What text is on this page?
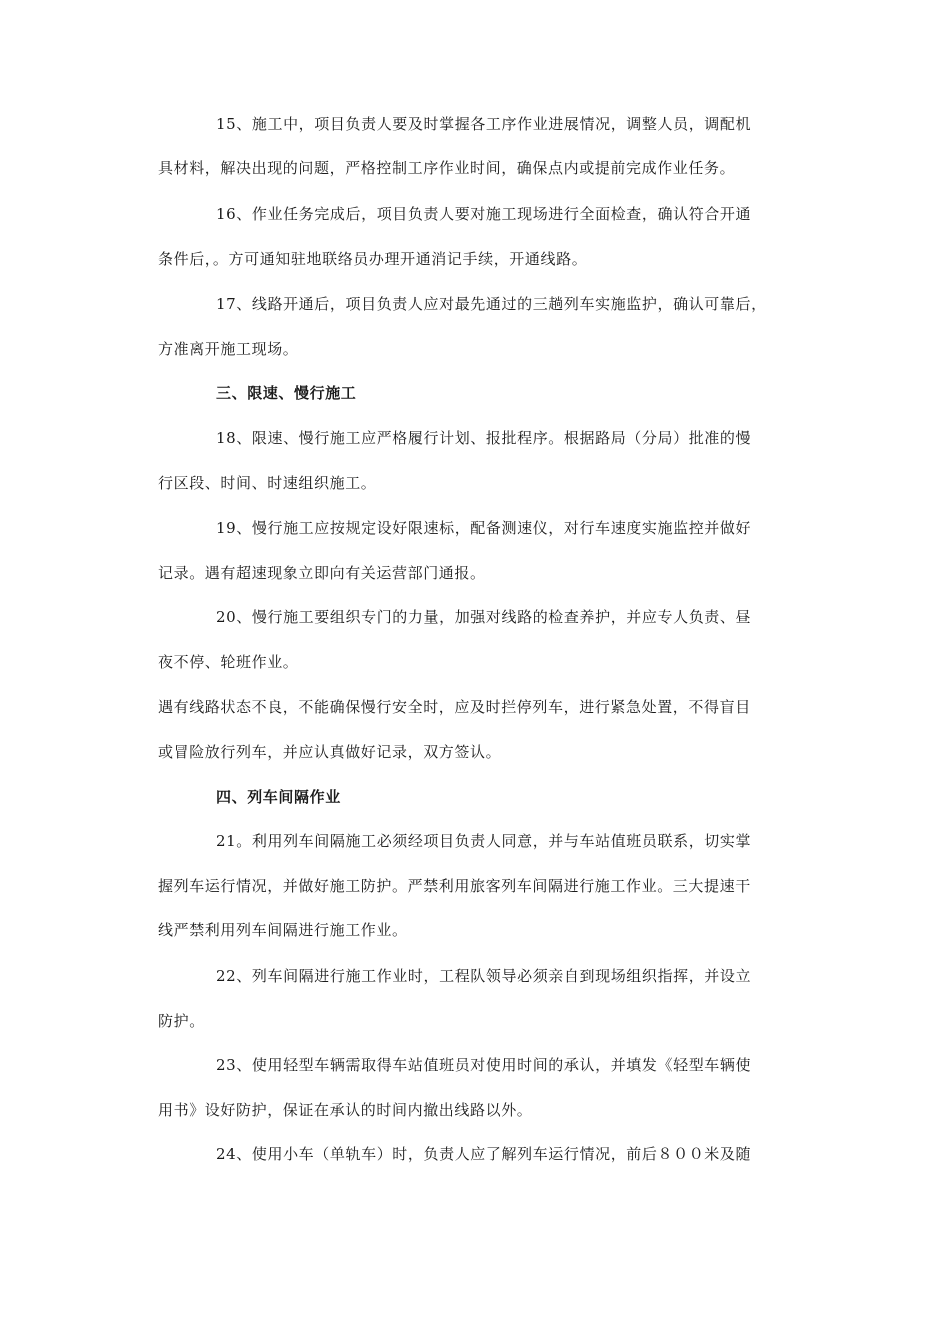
15、施工中，项目负责人要及时掌握各工序作业进展情况，调整人员，调配机
具材料，解决出现的问题，严格控制工序作业时间，确保点内或提前完成作业任务。
16、作业任务完成后，项目负责人要对施工现场进行全面检查，确认符合开通
条件后，。方可通知驻地联络员办理开通消记手续，开通线路。
17、线路开通后，项目负责人应对最先通过的三趟列车实施监护，确认可靠后，
方准离开施工现场。
三、限速、慢行施工
18、限速、慢行施工应严格履行计划、报批程序。根据路局（分局）批准的慢
行区段、时间、时速组织施工。
19、慢行施工应按规定设好限速标，配备测速仪，对行车速度实施监控并做好
记录。遇有超速现象立即向有关运营部门通报。
20、慢行施工要组织专门的力量，加强对线路的检查养护，并应专人负责、昼
夜不停、轮班作业。
遇有线路状态不良，不能确保慢行安全时，应及时拦停列车，进行紧急处置，不得盲目
或冒险放行列车，并应认真做好记录，双方签认。
四、列车间隔作业
21。利用列车间隔施工必须经项目负责人同意，并与车站值班员联系，切实掌
握列车运行情况，并做好施工防护。严禁利用旅客列车间隔进行施工作业。三大提速干
线严禁利用列车间隔进行施工作业。
22、列车间隔进行施工作业时，工程队领导必须亲自到现场组织指挥，并设立
防护。
23、使用轻型车辆需取得车站值班员对使用时间的承认，并填发《轻型车辆使
用书》设好防护，保证在承认的时间内撤出线路以外。
24、使用小车（单轨车）时，负责人应了解列车运行情况，前后８００米及随
